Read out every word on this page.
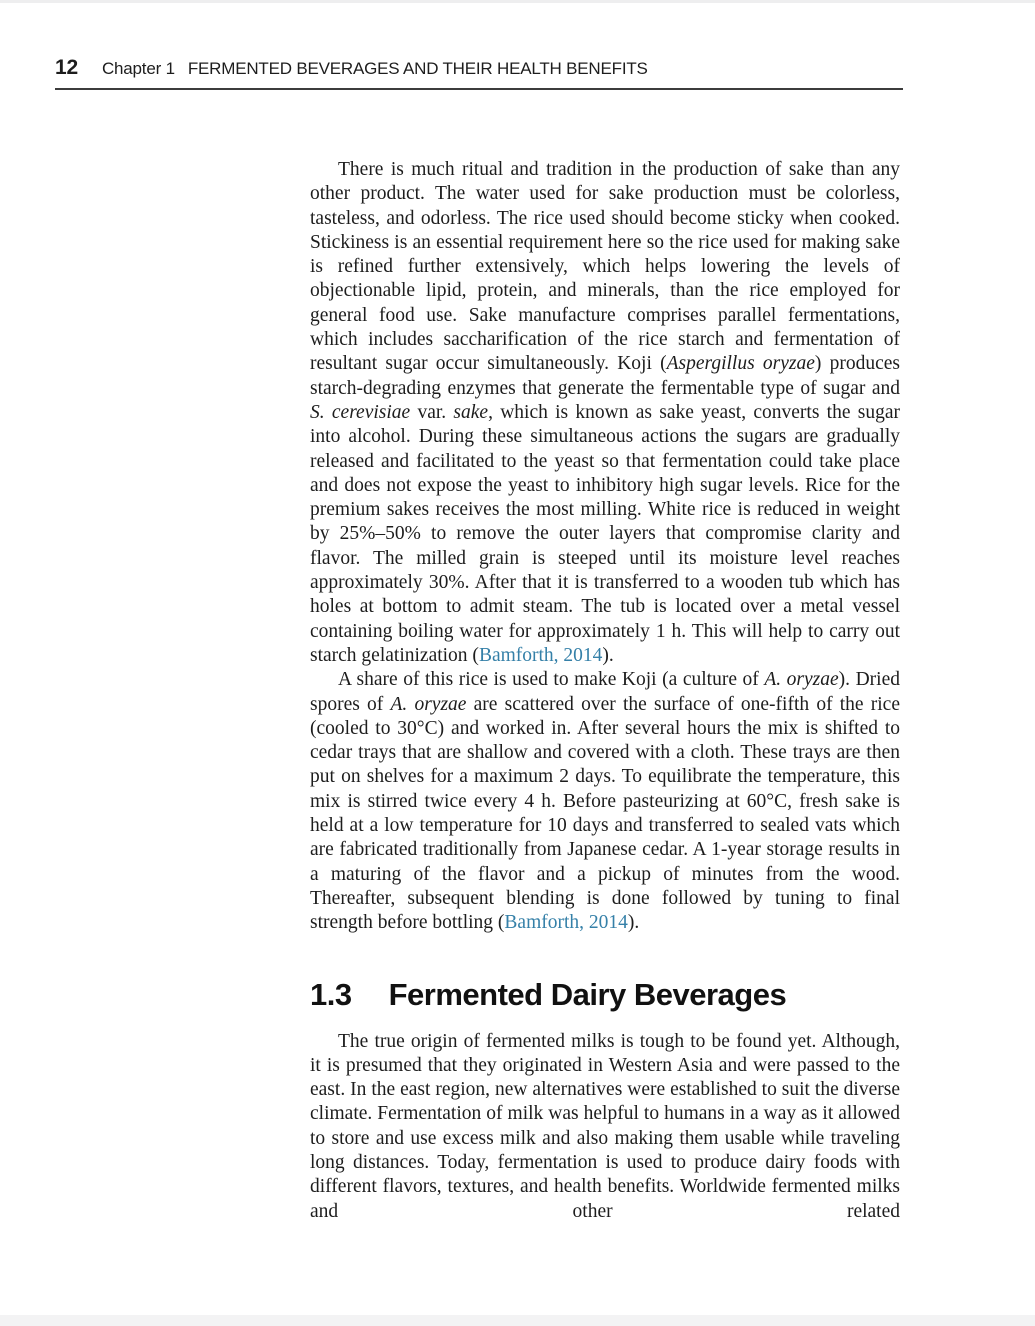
12 Chapter 1 FERMENTED BEVERAGES AND THEIR HEALTH BENEFITS

There is much ritual and tradition in the production of sake than any other product. The water used for sake production must be colorless, tasteless, and odorless. The rice used should become sticky when cooked. Stickiness is an essential requirement here so the rice used for making sake is refined further extensively, which helps lowering the levels of objectionable lipid, protein, and minerals, than the rice employed for general food use. Sake manufacture comprises parallel fermentations, which includes saccharification of the rice starch and fermentation of resultant sugar occur simultaneously. Koji (Aspergillus oryzae) produces starch-degrading enzymes that generate the fermentable type of sugar and S. cerevisiae var. sake, which is known as sake yeast, converts the sugar into alcohol. During these simultaneous actions the sugars are gradually released and facilitated to the yeast so that fermentation could take place and does not expose the yeast to inhibitory high sugar levels. Rice for the premium sakes receives the most milling. White rice is reduced in weight by 25%–50% to remove the outer layers that compromise clarity and flavor. The milled grain is steeped until its moisture level reaches approximately 30%. After that it is transferred to a wooden tub which has holes at bottom to admit steam. The tub is located over a metal vessel containing boiling water for approximately 1 h. This will help to carry out starch gelatinization (Bamforth, 2014).

A share of this rice is used to make Koji (a culture of A. oryzae). Dried spores of A. oryzae are scattered over the surface of one-fifth of the rice (cooled to 30°C) and worked in. After several hours the mix is shifted to cedar trays that are shallow and covered with a cloth. These trays are then put on shelves for a maximum 2 days. To equilibrate the temperature, this mix is stirred twice every 4 h. Before pasteurizing at 60°C, fresh sake is held at a low temperature for 10 days and transferred to sealed vats which are fabricated traditionally from Japanese cedar. A 1-year storage results in a maturing of the flavor and a pickup of minutes from the wood. Thereafter, subsequent blending is done followed by tuning to final strength before bottling (Bamforth, 2014).

1.3 Fermented Dairy Beverages

The true origin of fermented milks is tough to be found yet. Although, it is presumed that they originated in Western Asia and were passed to the east. In the east region, new alternatives were established to suit the diverse climate. Fermentation of milk was helpful to humans in a way as it allowed to store and use excess milk and also making them usable while traveling long distances. Today, fermentation is used to produce dairy foods with different flavors, textures, and health benefits. Worldwide fermented milks and other related
